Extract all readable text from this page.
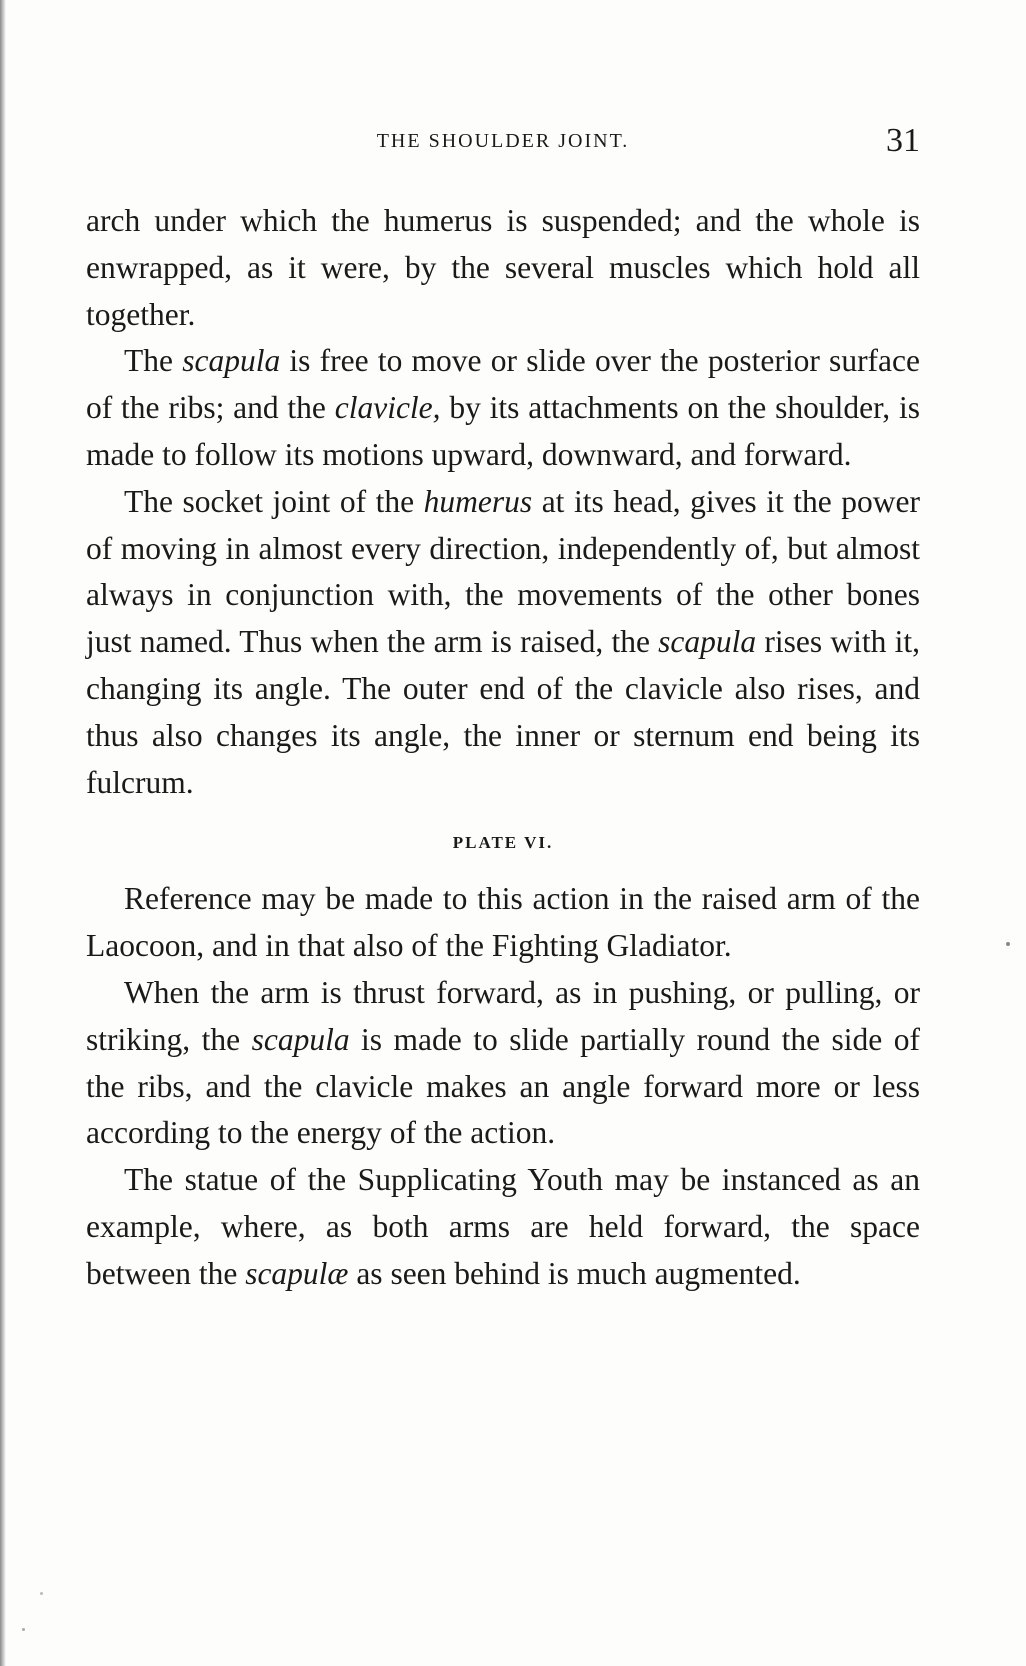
THE SHOULDER JOINT.	31

arch under which the humerus is suspended; and the whole is enwrapped, as it were, by the several muscles which hold all together.

The scapula is free to move or slide over the posterior surface of the ribs; and the clavicle, by its attachments on the shoulder, is made to follow its motions upward, downward, and forward.

The socket joint of the humerus at its head, gives it the power of moving in almost every direction, independently of, but almost always in conjunction with, the movements of the other bones just named. Thus when the arm is raised, the scapula rises with it, changing its angle. The outer end of the clavicle also rises, and thus also changes its angle, the inner or sternum end being its fulcrum.

PLATE VI.

Reference may be made to this action in the raised arm of the Laocoon, and in that also of the Fighting Gladiator.

When the arm is thrust forward, as in pushing, or pulling, or striking, the scapula is made to slide partially round the side of the ribs, and the clavicle makes an angle forward more or less according to the energy of the action.

The statue of the Supplicating Youth may be instanced as an example, where, as both arms are held forward, the space between the scapulæ as seen behind is much augmented.
